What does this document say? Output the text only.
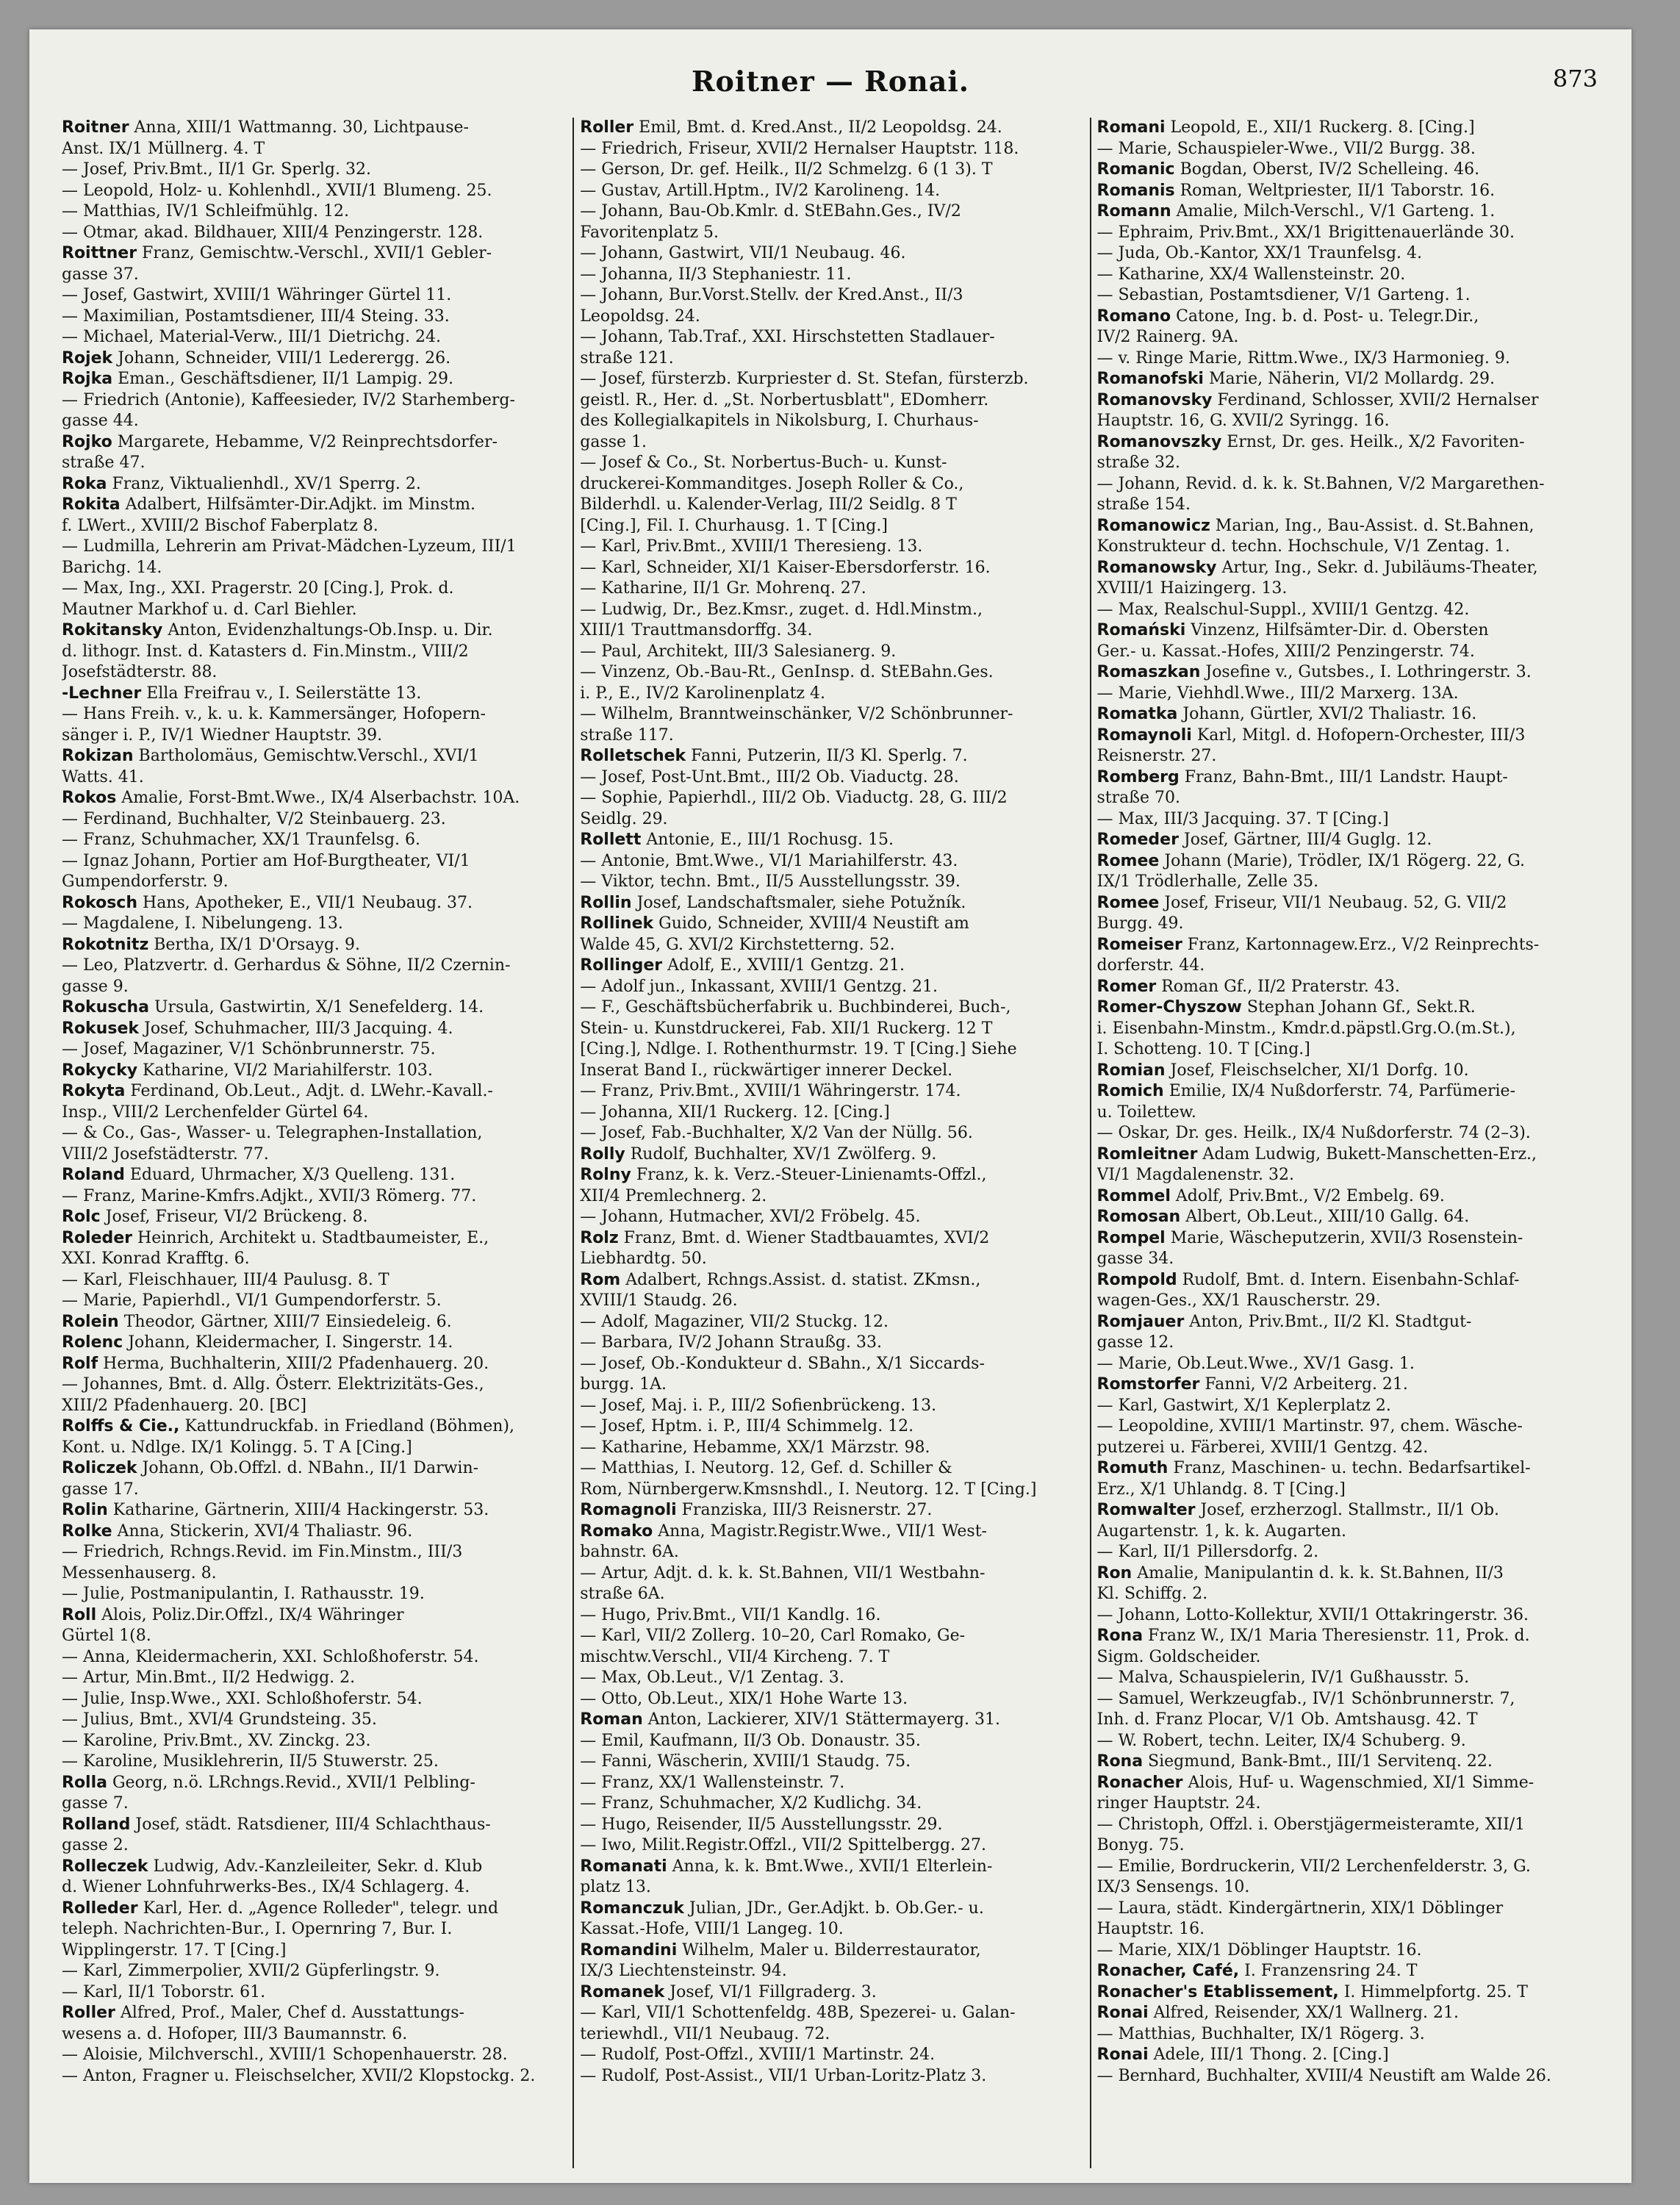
Roitner — Ronai.	873
Roitner Anna, XIII/1 Wattmanng. 30, Lichtpause-
Anst. IX/1 Müllnerg. 4. T
— Josef, Priv.Bmt., II/1 Gr. Sperlg. 32.
— Leopold, Holz- u. Kohlenhdl., XVII/1 Blumeng. 25.
— Matthias, IV/1 Schleifmühlg. 12.
— Otmar, akad. Bildhauer, XIII/4 Penzingerstr. 128.
Roittner Franz, Gemischtw.-Verschl., XVII/1 Gebler-
gasse 37.
— Josef, Gastwirt, XVIII/1 Währinger Gürtel 11.
— Maximilian, Postamtsdiener, III/4 Steing. 33.
— Michael, Material-Verw., III/1 Dietrichg. 24.
Rojek Johann, Schneider, VIII/1 Lederergg. 26.
Rojka Eman., Geschäftsdiener, II/1 Lampig. 29.
— Friedrich (Antonie), Kaffeesieder, IV/2 Starhemberg-
gasse 44.
Rojko Margarete, Hebamme, V/2 Reinprechtsdorfer-
straße 47.
Roka Franz, Viktualienhdl., XV/1 Sperrg. 2.
Rokita Adalbert, Hilfsämter-Dir.Adjkt. im Minstm.
f. LWert., XVIII/2 Bischof Faberplatz 8.
— Ludmilla, Lehrerin am Privat-Mädchen-Lyzeum, III/1
Barichg. 14.
— Max, Ing., XXI. Pragerstr. 20 [Cing.], Prok. d.
Mautner Markhof u. d. Carl Biehler.
Rokitansky Anton, Evidenzhaltungs-Ob.Insp. u. Dir.
d. lithogr. Inst. d. Katasters d. Fin.Minstm., VIII/2
Josefstädterstr. 88.
-Lechner Ella Freifrau v., I. Seilerstätte 13.
— Hans Freih. v., k. u. k. Kammersänger, Hofopern-
sänger i. P., IV/1 Wiedner Hauptstr. 39.
Rokizan Bartholomäus, Gemischtw.Verschl., XVI/1
Watts. 41.
Rokos Amalie, Forst-Bmt.Wwe., IX/4 Alserbachstr. 10A.
— Ferdinand, Buchhalter, V/2 Steinbauerg. 23.
— Franz, Schuhmacher, XX/1 Traunfelsg. 6.
— Ignaz Johann, Portier am Hof-Burgtheater, VI/1
Gumpendorferstr. 9.
Rokosch Hans, Apotheker, E., VII/1 Neubaug. 37.
— Magdalene, I. Nibelungeng. 13.
Rokotnitz Bertha, IX/1 D'Orsayg. 9.
— Leo, Platzvertr. d. Gerhardus & Söhne, II/2 Czernin-
gasse 9.
Rokuscha Ursula, Gastwirtin, X/1 Senefelderg. 14.
Rokusek Josef, Schuhmacher, III/3 Jacquing. 4.
— Josef, Magaziner, V/1 Schönbrunnerstr. 75.
Rokycky Katharine, VI/2 Mariahilferstr. 103.
Rokyta Ferdinand, Ob.Leut., Adjt. d. LWehr.-Kavall.-
Insp., VIII/2 Lerchenfelder Gürtel 64.
— & Co., Gas-, Wasser- u. Telegraphen-Installation,
VIII/2 Josefstädterstr. 77.
Roland Eduard, Uhrmacher, X/3 Quelleng. 131.
— Franz, Marine-Kmfrs.Adjkt., XVII/3 Römerg. 77.
Rolc Josef, Friseur, VI/2 Brückeng. 8.
Roleder Heinrich, Architekt u. Stadtbaumeister, E.,
XXI. Konrad Krafftg. 6.
— Karl, Fleischhauer, III/4 Paulusg. 8. T
— Marie, Papierhdl., VI/1 Gumpendorferstr. 5.
Rolein Theodor, Gärtner, XIII/7 Einsiedeleig. 6.
Rolenc Johann, Kleidermacher, I. Singerstr. 14.
Rolf Herma, Buchhalterin, XIII/2 Pfadenhauerg. 20.
— Johannes, Bmt. d. Allg. Österr. Elektrizitäts-Ges.,
XIII/2 Pfadenhauerg. 20. [BC]
Rolffs & Cie., Kattundruckfab. in Friedland (Böhmen),
Kont. u. Ndlge. IX/1 Kolingg. 5. T A [Cing.]
Roliczek Johann, Ob.Offzl. d. NBahn., II/1 Darwin-
gasse 17.
Rolin Katharine, Gärtnerin, XIII/4 Hackingerstr. 53.
Rolke Anna, Stickerin, XVI/4 Thaliastr. 96.
— Friedrich, Rchngs.Revid. im Fin.Minstm., III/3
Messenhauserg. 8.
— Julie, Postmanipulantin, I. Rathausstr. 19.
Roll Alois, Poliz.Dir.Offzl., IX/4 Währinger
Gürtel 1(8.
— Anna, Kleidermacherin, XXI. Schloßhoferstr. 54.
— Artur, Min.Bmt., II/2 Hedwigg. 2.
— Julie, Insp.Wwe., XXI. Schloßhoferstr. 54.
— Julius, Bmt., XVI/4 Grundsteing. 35.
— Karoline, Priv.Bmt., XV. Zinckg. 23.
— Karoline, Musiklehrerin, II/5 Stuwerstr. 25.
Rolla Georg, n.ö. LRchngs.Revid., XVII/1 Pelbling-
gasse 7.
Rolland Josef, städt. Ratsdiener, III/4 Schlachthaus-
gasse 2.
Rolleczek Ludwig, Adv.-Kanzleileiter, Sekr. d. Klub
d. Wiener Lohnfuhrwerks-Bes., IX/4 Schlagerg. 4.
Rolleder Karl, Her. d. „Agence Rolleder", telegr. und
teleph. Nachrichten-Bur., I. Opernring 7, Bur. I.
Wipplingerstr. 17. T [Cing.]
— Karl, Zimmerpolier, XVII/2 Güpferlingstr. 9.
— Karl, II/1 Toborstr. 61.
Roller Alfred, Prof., Maler, Chef d. Ausstattungs-
wesens a. d. Hofoper, III/3 Baumannstr. 6.
— Aloisie, Milchverschl., XVIII/1 Schopenhauerstr. 28.
— Anton, Fragner u. Fleischselcher, XVII/2 Klopstockg. 2.
Roller Emil, Bmt. d. Kred.Anst., II/2 Leopoldsg. 24.
— Friedrich, Friseur, XVII/2 Hernalser Hauptstr. 118.
— Gerson, Dr. gef. Heilk., II/2 Schmelzg. 6 (1 3). T
— Gustav, Artill.Hptm., IV/2 Karolineng. 14.
— Johann, Bau-Ob.Kmlr. d. StEBahn.Ges., IV/2
Favoritenplatz 5.
— Johann, Gastwirt, VII/1 Neubaug. 46.
— Johanna, II/3 Stephaniestr. 11.
— Johann, Bur.Vorst.Stellv. der Kred.Anst., II/3
Leopoldsg. 24.
— Johann, Tab.Traf., XXI. Hirschstetten Stadlauer-
straße 121.
— Josef, fürsterzb. Kurpriester d. St. Stefan, fürsterzb.
geistl. R., Her. d. „St. Norbertusblatt", EDomherr.
des Kollegialkapitels in Nikolsburg, I. Churhaus-
gasse 1.
— Josef & Co., St. Norbertus-Buch- u. Kunst-
druckerei-Kommanditges. Joseph Roller & Co.,
Bilderhdl. u. Kalender-Verlag, III/2 Seidlg. 8 T
[Cing.], Fil. I. Churhausg. 1. T [Cing.]
— Karl, Priv.Bmt., XVIII/1 Theresieng. 13.
— Karl, Schneider, XI/1 Kaiser-Ebersdorferstr. 16.
— Katharine, II/1 Gr. Mohrenq. 27.
— Ludwig, Dr., Bez.Kmsr., zuget. d. Hdl.Minstm.,
XIII/1 Trauttmansdorffg. 34.
— Paul, Architekt, III/3 Salesianerg. 9.
— Vinzenz, Ob.-Bau-Rt., GenInsp. d. StEBahn.Ges.
i. P., E., IV/2 Karolinenplatz 4.
— Wilhelm, Branntweinschänker, V/2 Schönbrunner-
straße 117.
Rolletschek Fanni, Putzerin, II/3 Kl. Sperlg. 7.
— Josef, Post-Unt.Bmt., III/2 Ob. Viaductg. 28.
— Sophie, Papierhdl., III/2 Ob. Viaductg. 28, G. III/2
Seidlg. 29.
Rollett Antonie, E., III/1 Rochusg. 15.
— Antonie, Bmt.Wwe., VI/1 Mariahilferstr. 43.
— Viktor, techn. Bmt., II/5 Ausstellungsstr. 39.
Rollin Josef, Landschaftsmaler, siehe Potužník.
Rollinek Guido, Schneider, XVIII/4 Neustift am
Walde 45, G. XVI/2 Kirchstetterng. 52.
Rollinger Adolf, E., XVIII/1 Gentzg. 21.
— Adolf jun., Inkassant, XVIII/1 Gentzg. 21.
— F., Geschäftsbücherfabrik u. Buchbinderei, Buch-,
Stein- u. Kunstdruckerei, Fab. XII/1 Ruckerg. 12 T
[Cing.], Ndlge. I. Rothenthurmstr. 19. T [Cing.] Siehe
Inserat Band I., rückwärtiger innerer Deckel.
— Franz, Priv.Bmt., XVIII/1 Währingerstr. 174.
— Johanna, XII/1 Ruckerg. 12. [Cing.]
— Josef, Fab.-Buchhalter, X/2 Van der Nüllg. 56.
Rolly Rudolf, Buchhalter, XV/1 Zwölferg. 9.
Rolny Franz, k. k. Verz.-Steuer-Linienamts-Offzl.,
XII/4 Premlechnerg. 2.
— Johann, Hutmacher, XVI/2 Fröbelg. 45.
Rolz Franz, Bmt. d. Wiener Stadtbauamtes, XVI/2
Liebhardtg. 50.
Rom Adalbert, Rchngs.Assist. d. statist. ZKmsn.,
XVIII/1 Staudg. 26.
— Adolf, Magaziner, VII/2 Stuckg. 12.
— Barbara, IV/2 Johann Straußg. 33.
— Josef, Ob.-Kondukteur d. SBahn., X/1 Siccards-
burgg. 1A.
— Josef, Maj. i. P., III/2 Sofienbrückeng. 13.
— Josef, Hptm. i. P., III/4 Schimmelg. 12.
— Katharine, Hebamme, XX/1 Märzstr. 98.
— Matthias, I. Neutorg. 12, Gef. d. Schiller &
Rom, Nürnbergerw.Kmsnshdl., I. Neutorg. 12. T [Cing.]
Romagnoli Franziska, III/3 Reisnerstr. 27.
Romako Anna, Magistr.Registr.Wwe., VII/1 West-
bahnstr. 6A.
— Artur, Adjt. d. k. k. St.Bahnen, VII/1 Westbahn-
straße 6A.
— Hugo, Priv.Bmt., VII/1 Kandlg. 16.
— Karl, VII/2 Zollerg. 10–20, Carl Romako, Ge-
mischtw.Verschl., VII/4 Kircheng. 7. T
— Max, Ob.Leut., V/1 Zentag. 3.
— Otto, Ob.Leut., XIX/1 Hohe Warte 13.
Roman Anton, Lackierer, XIV/1 Stättermayerg. 31.
— Emil, Kaufmann, II/3 Ob. Donaustr. 35.
— Fanni, Wäscherin, XVIII/1 Staudg. 75.
— Franz, XX/1 Wallensteinstr. 7.
— Franz, Schuhmacher, X/2 Kudlichg. 34.
— Hugo, Reisender, II/5 Ausstellungsstr. 29.
— Iwo, Milit.Registr.Offzl., VII/2 Spittelbergg. 27.
Romanati Anna, k. k. Bmt.Wwe., XVII/1 Elterlein-
platz 13.
Romanczuk Julian, JDr., Ger.Adjkt. b. Ob.Ger.- u.
Kassat.-Hofe, VIII/1 Langeg. 10.
Romandini Wilhelm, Maler u. Bilderrestaurator,
IX/3 Liechtensteinstr. 94.
Romanek Josef, VI/1 Fillgraderg. 3.
— Karl, VII/1 Schottenfeldg. 48B, Spezerei- u. Galan-
teriewhdl., VII/1 Neubaug. 72.
— Rudolf, Post-Offzl., XVIII/1 Martinstr. 24.
— Rudolf, Post-Assist., VII/1 Urban-Loritz-Platz 3.
Romani Leopold, E., XII/1 Ruckerg. 8. [Cing.]
— Marie, Schauspieler-Wwe., VII/2 Burgg. 38.
Romanic Bogdan, Oberst, IV/2 Schelleing. 46.
Romanis Roman, Weltpriester, II/1 Taborstr. 16.
Romann Amalie, Milch-Verschl., V/1 Garteng. 1.
— Ephraim, Priv.Bmt., XX/1 Brigittenauerlände 30.
— Juda, Ob.-Kantor, XX/1 Traunfelsg. 4.
— Katharine, XX/4 Wallensteinstr. 20.
— Sebastian, Postamtsdiener, V/1 Garteng. 1.
Romano Catone, Ing. b. d. Post- u. Telegr.Dir.,
IV/2 Rainerg. 9A.
— v. Ringe Marie, Rittm.Wwe., IX/3 Harmonieg. 9.
Romanofski Marie, Näherin, VI/2 Mollardg. 29.
Romanovsky Ferdinand, Schlosser, XVII/2 Hernalser
Hauptstr. 16, G. XVII/2 Syringg. 16.
Romanovszky Ernst, Dr. ges. Heilk., X/2 Favoriten-
straße 32.
— Johann, Revid. d. k. k. St.Bahnen, V/2 Margarethen-
straße 154.
Romanowicz Marian, Ing., Bau-Assist. d. St.Bahnen,
Konstrukteur d. techn. Hochschule, V/1 Zentag. 1.
Romanowsky Artur, Ing., Sekr. d. Jubiläums-Theater,
XVIII/1 Haizingerg. 13.
— Max, Realschul-Suppl., XVIII/1 Gentzg. 42.
Romański Vinzenz, Hilfsämter-Dir. d. Obersten
Ger.- u. Kassat.-Hofes, XIII/2 Penzingerstr. 74.
Romaszkan Josefine v., Gutsbes., I. Lothringerstr. 3.
— Marie, Viehhdl.Wwe., III/2 Marxerg. 13A.
Romatka Johann, Gürtler, XVI/2 Thaliastr. 16.
Romaynoli Karl, Mitgl. d. Hofopern-Orchester, III/3
Reisnerstr. 27.
Romberg Franz, Bahn-Bmt., III/1 Landstr. Haupt-
straße 70.
— Max, III/3 Jacquing. 37. T [Cing.]
Romeder Josef, Gärtner, III/4 Guglg. 12.
Romee Johann (Marie), Trödler, IX/1 Rögerg. 22, G.
IX/1 Trödlerhalle, Zelle 35.
Romee Josef, Friseur, VII/1 Neubaug. 52, G. VII/2
Burgg. 49.
Romeiser Franz, Kartonnagew.Erz., V/2 Reinprechts-
dorferstr. 44.
Romer Roman Gf., II/2 Praterstr. 43.
Romer-Chyszow Stephan Johann Gf., Sekt.R.
i. Eisenbahn-Minstm., Kmdr.d.päpstl.Grg.O.(m.St.),
I. Schotteng. 10. T [Cing.]
Romian Josef, Fleischselcher, XI/1 Dorfg. 10.
Romich Emilie, IX/4 Nußdorferstr. 74, Parfümerie-
u. Toilettew.
— Oskar, Dr. ges. Heilk., IX/4 Nußdorferstr. 74 (2–3).
Romleitner Adam Ludwig, Bukett-Manschetten-Erz.,
VI/1 Magdalenenstr. 32.
Rommel Adolf, Priv.Bmt., V/2 Embelg. 69.
Romosan Albert, Ob.Leut., XIII/10 Gallg. 64.
Rompel Marie, Wäscheputzerin, XVII/3 Rosenstein-
gasse 34.
Rompold Rudolf, Bmt. d. Intern. Eisenbahn-Schlaf-
wagen-Ges., XX/1 Rauscherstr. 29.
Romjauer Anton, Priv.Bmt., II/2 Kl. Stadtgut-
gasse 12.
— Marie, Ob.Leut.Wwe., XV/1 Gasg. 1.
Romstorfer Fanni, V/2 Arbeiterg. 21.
— Karl, Gastwirt, X/1 Keplerplatz 2.
— Leopoldine, XVIII/1 Martinstr. 97, chem. Wäsche-
putzerei u. Färberei, XVIII/1 Gentzg. 42.
Romuth Franz, Maschinen- u. techn. Bedarfsartikel-
Erz., X/1 Uhlandg. 8. T [Cing.]
Romwalter Josef, erzherzogl. Stallmstr., II/1 Ob.
Augartenstr. 1, k. k. Augarten.
— Karl, II/1 Pillersdorfg. 2.
Ron Amalie, Manipulantin d. k. k. St.Bahnen, II/3
Kl. Schiffg. 2.
— Johann, Lotto-Kollektur, XVII/1 Ottakringerstr. 36.
Rona Franz W., IX/1 Maria Theresienstr. 11, Prok. d.
Sigm. Goldscheider.
— Malva, Schauspielerin, IV/1 Gußhausstr. 5.
— Samuel, Werkzeugfab., IV/1 Schönbrunnerstr. 7,
Inh. d. Franz Plocar, V/1 Ob. Amtshausg. 42. T
— W. Robert, techn. Leiter, IX/4 Schuberg. 9.
Rona Siegmund, Bank-Bmt., III/1 Servitenq. 22.
Ronacher Alois, Huf- u. Wagenschmied, XI/1 Simme-
ringer Hauptstr. 24.
— Christoph, Offzl. i. Oberstjägermeisteramte, XII/1
Bonyg. 75.
— Emilie, Bordruckerin, VII/2 Lerchenfelderstr. 3, G.
IX/3 Sensengs. 10.
— Laura, städt. Kindergärtnerin, XIX/1 Döblinger
Hauptstr. 16.
— Marie, XIX/1 Döblinger Hauptstr. 16.
Ronacher, Café, I. Franzensring 24. T
Ronacher's Etablissement, I. Himmelpfortg. 25. T
Ronai Alfred, Reisender, XX/1 Wallnerg. 21.
— Matthias, Buchhalter, IX/1 Rögerg. 3.
Ronai Adele, III/1 Thong. 2. [Cing.]
— Bernhard, Buchhalter, XVIII/4 Neustift am Walde 26.
